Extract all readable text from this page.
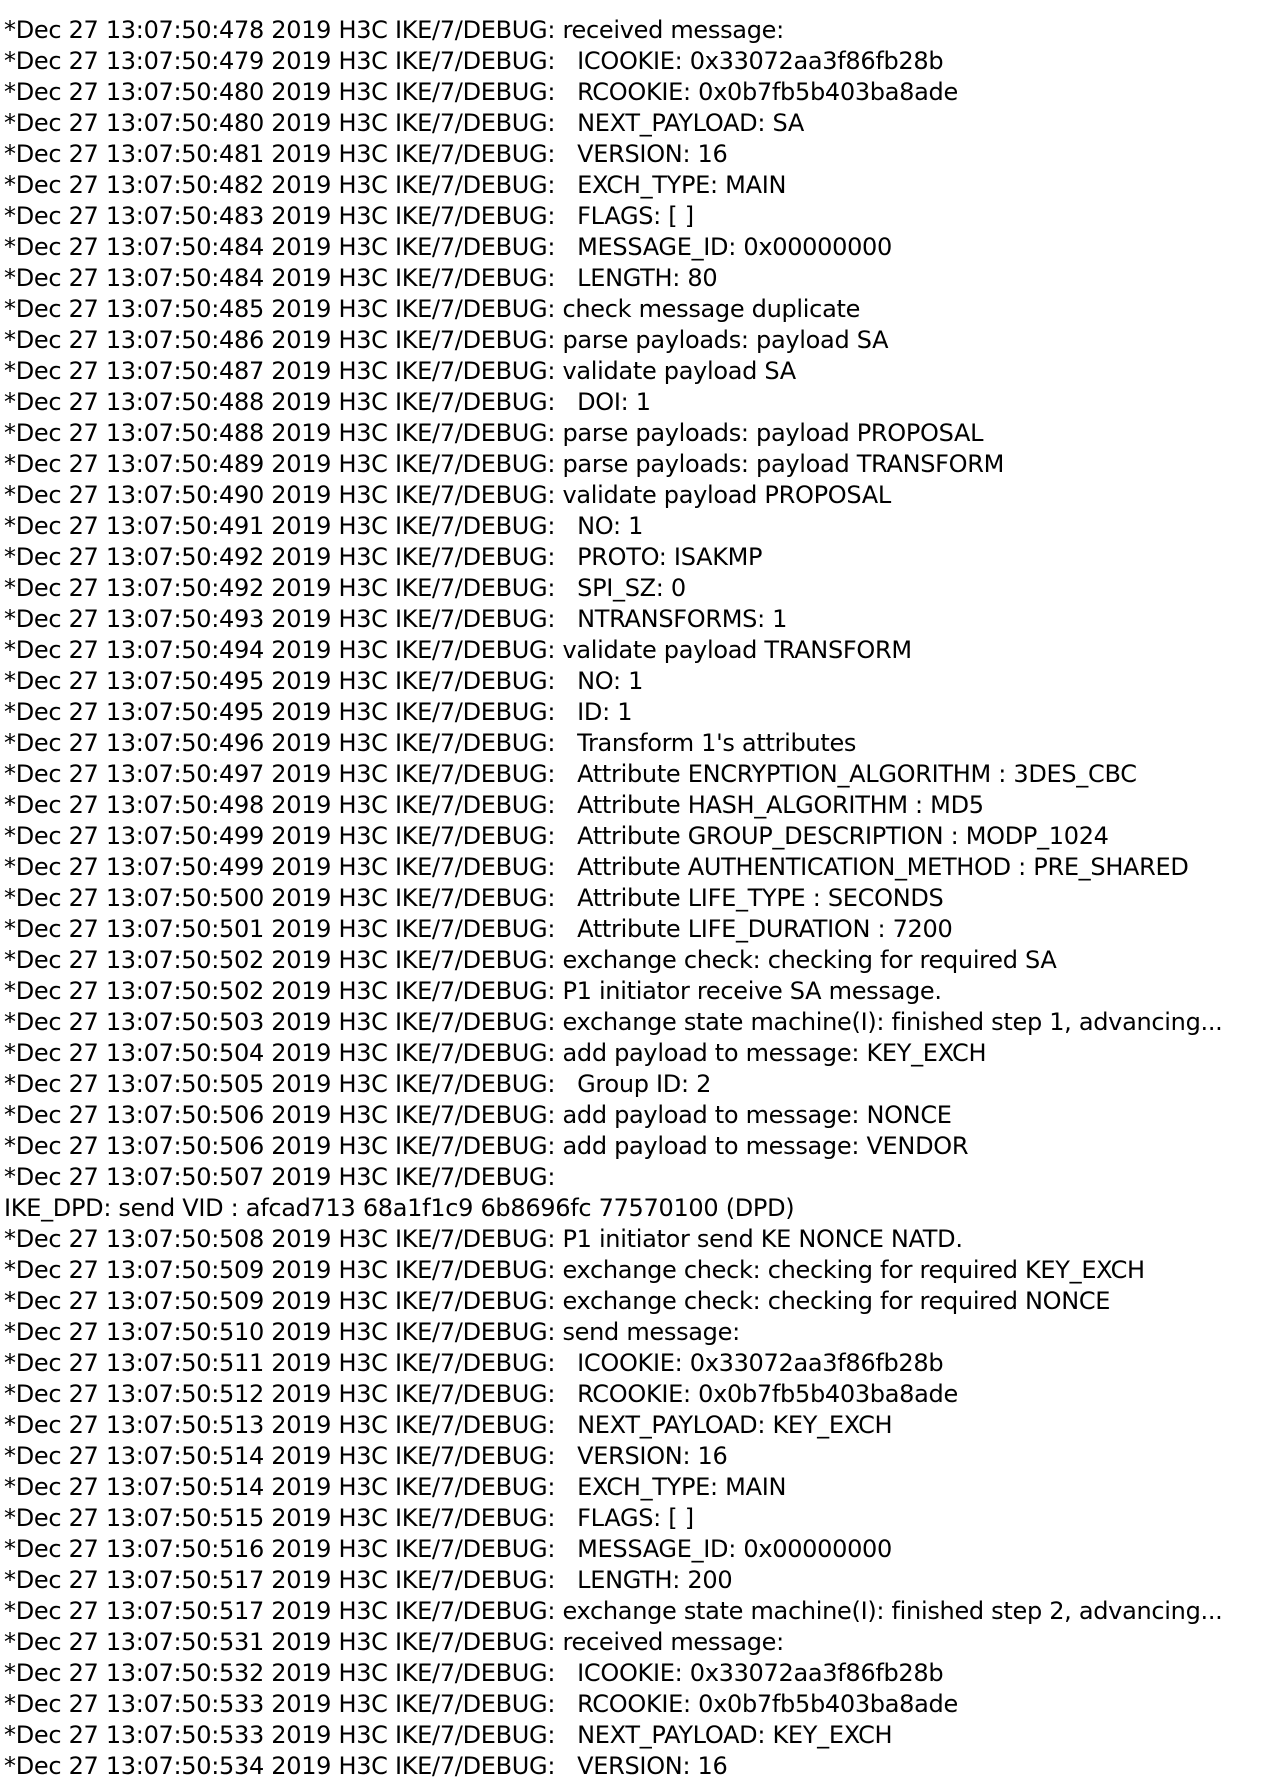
*Dec 27 13:07:50:478 2019 H3C IKE/7/DEBUG: received message:
*Dec 27 13:07:50:479 2019 H3C IKE/7/DEBUG:   ICOOKIE: 0x33072aa3f86fb28b
*Dec 27 13:07:50:480 2019 H3C IKE/7/DEBUG:   RCOOKIE: 0x0b7fb5b403ba8ade
*Dec 27 13:07:50:480 2019 H3C IKE/7/DEBUG:   NEXT_PAYLOAD: SA
*Dec 27 13:07:50:481 2019 H3C IKE/7/DEBUG:   VERSION: 16
*Dec 27 13:07:50:482 2019 H3C IKE/7/DEBUG:   EXCH_TYPE: MAIN
*Dec 27 13:07:50:483 2019 H3C IKE/7/DEBUG:   FLAGS: [ ]
*Dec 27 13:07:50:484 2019 H3C IKE/7/DEBUG:   MESSAGE_ID: 0x00000000
*Dec 27 13:07:50:484 2019 H3C IKE/7/DEBUG:   LENGTH: 80
*Dec 27 13:07:50:485 2019 H3C IKE/7/DEBUG: check message duplicate
*Dec 27 13:07:50:486 2019 H3C IKE/7/DEBUG: parse payloads: payload SA
*Dec 27 13:07:50:487 2019 H3C IKE/7/DEBUG: validate payload SA
*Dec 27 13:07:50:488 2019 H3C IKE/7/DEBUG:   DOI: 1
*Dec 27 13:07:50:488 2019 H3C IKE/7/DEBUG: parse payloads: payload PROPOSAL
*Dec 27 13:07:50:489 2019 H3C IKE/7/DEBUG: parse payloads: payload TRANSFORM
*Dec 27 13:07:50:490 2019 H3C IKE/7/DEBUG: validate payload PROPOSAL
*Dec 27 13:07:50:491 2019 H3C IKE/7/DEBUG:   NO: 1
*Dec 27 13:07:50:492 2019 H3C IKE/7/DEBUG:   PROTO: ISAKMP
*Dec 27 13:07:50:492 2019 H3C IKE/7/DEBUG:   SPI_SZ: 0
*Dec 27 13:07:50:493 2019 H3C IKE/7/DEBUG:   NTRANSFORMS: 1
*Dec 27 13:07:50:494 2019 H3C IKE/7/DEBUG: validate payload TRANSFORM
*Dec 27 13:07:50:495 2019 H3C IKE/7/DEBUG:   NO: 1
*Dec 27 13:07:50:495 2019 H3C IKE/7/DEBUG:   ID: 1
*Dec 27 13:07:50:496 2019 H3C IKE/7/DEBUG:   Transform 1's attributes
*Dec 27 13:07:50:497 2019 H3C IKE/7/DEBUG:   Attribute ENCRYPTION_ALGORITHM : 3DES_CBC
*Dec 27 13:07:50:498 2019 H3C IKE/7/DEBUG:   Attribute HASH_ALGORITHM : MD5
*Dec 27 13:07:50:499 2019 H3C IKE/7/DEBUG:   Attribute GROUP_DESCRIPTION : MODP_1024
*Dec 27 13:07:50:499 2019 H3C IKE/7/DEBUG:   Attribute AUTHENTICATION_METHOD : PRE_SHARED
*Dec 27 13:07:50:500 2019 H3C IKE/7/DEBUG:   Attribute LIFE_TYPE : SECONDS
*Dec 27 13:07:50:501 2019 H3C IKE/7/DEBUG:   Attribute LIFE_DURATION : 7200
*Dec 27 13:07:50:502 2019 H3C IKE/7/DEBUG: exchange check: checking for required SA
*Dec 27 13:07:50:502 2019 H3C IKE/7/DEBUG: P1 initiator receive SA message.
*Dec 27 13:07:50:503 2019 H3C IKE/7/DEBUG: exchange state machine(I): finished step 1, advancing...
*Dec 27 13:07:50:504 2019 H3C IKE/7/DEBUG: add payload to message: KEY_EXCH
*Dec 27 13:07:50:505 2019 H3C IKE/7/DEBUG:   Group ID: 2
*Dec 27 13:07:50:506 2019 H3C IKE/7/DEBUG: add payload to message: NONCE
*Dec 27 13:07:50:506 2019 H3C IKE/7/DEBUG: add payload to message: VENDOR
*Dec 27 13:07:50:507 2019 H3C IKE/7/DEBUG:
IKE_DPD: send VID : afcad713 68a1f1c9 6b8696fc 77570100 (DPD)
*Dec 27 13:07:50:508 2019 H3C IKE/7/DEBUG: P1 initiator send KE NONCE NATD.
*Dec 27 13:07:50:509 2019 H3C IKE/7/DEBUG: exchange check: checking for required KEY_EXCH
*Dec 27 13:07:50:509 2019 H3C IKE/7/DEBUG: exchange check: checking for required NONCE
*Dec 27 13:07:50:510 2019 H3C IKE/7/DEBUG: send message:
*Dec 27 13:07:50:511 2019 H3C IKE/7/DEBUG:   ICOOKIE: 0x33072aa3f86fb28b
*Dec 27 13:07:50:512 2019 H3C IKE/7/DEBUG:   RCOOKIE: 0x0b7fb5b403ba8ade
*Dec 27 13:07:50:513 2019 H3C IKE/7/DEBUG:   NEXT_PAYLOAD: KEY_EXCH
*Dec 27 13:07:50:514 2019 H3C IKE/7/DEBUG:   VERSION: 16
*Dec 27 13:07:50:514 2019 H3C IKE/7/DEBUG:   EXCH_TYPE: MAIN
*Dec 27 13:07:50:515 2019 H3C IKE/7/DEBUG:   FLAGS: [ ]
*Dec 27 13:07:50:516 2019 H3C IKE/7/DEBUG:   MESSAGE_ID: 0x00000000
*Dec 27 13:07:50:517 2019 H3C IKE/7/DEBUG:   LENGTH: 200
*Dec 27 13:07:50:517 2019 H3C IKE/7/DEBUG: exchange state machine(I): finished step 2, advancing...
*Dec 27 13:07:50:531 2019 H3C IKE/7/DEBUG: received message:
*Dec 27 13:07:50:532 2019 H3C IKE/7/DEBUG:   ICOOKIE: 0x33072aa3f86fb28b
*Dec 27 13:07:50:533 2019 H3C IKE/7/DEBUG:   RCOOKIE: 0x0b7fb5b403ba8ade
*Dec 27 13:07:50:533 2019 H3C IKE/7/DEBUG:   NEXT_PAYLOAD: KEY_EXCH
*Dec 27 13:07:50:534 2019 H3C IKE/7/DEBUG:   VERSION: 16
